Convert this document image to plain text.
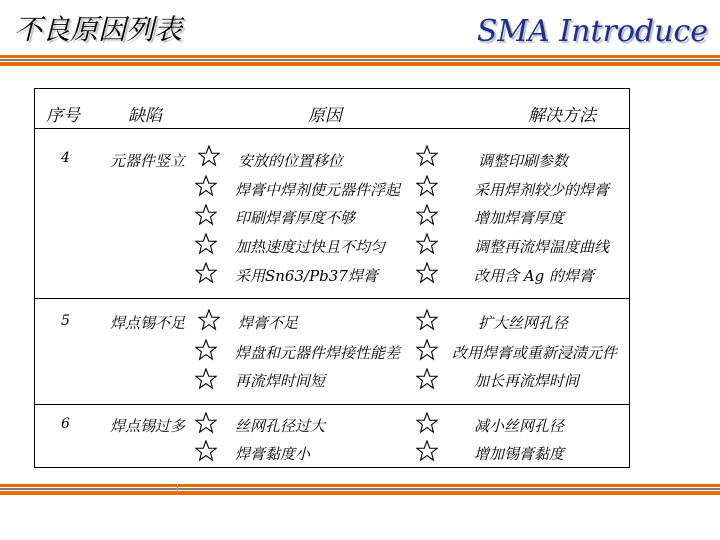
不良原因列表	SMA Introduce
序号	缺陷	原因	解决方法
4	元器件竖立	安放的位置移位	调整印刷参数
焊膏中焊剂使元器件浮起	采用焊剂较少的焊膏
印刷焊膏厚度不够	增加焊膏厚度
加热速度过快且不均匀	调整再流焊温度曲线
采用Sn63/Pb37焊膏	改用含 Ag 的焊膏
5	焊点锡不足	焊膏不足	扩大丝网孔径
焊盘和元器件焊接性能差	改用焊膏或重新浸渍元件
再流焊时间短	加长再流焊时间
6	焊点锡过多	丝网孔径过大	减小丝网孔径
焊膏黏度小	增加锡膏黏度
